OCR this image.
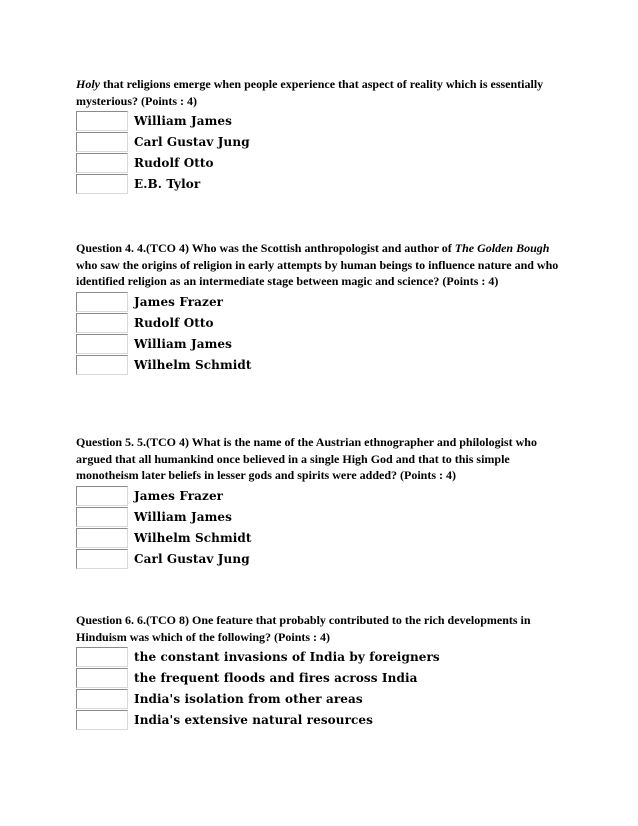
Holy that religions emerge when people experience that aspect of reality which is essentially mysterious? (Points : 4)

William James
Carl Gustav Jung
Rudolf Otto
E.B. Tylor

Question 4. 4.(TCO 4) Who was the Scottish anthropologist and author of The Golden Bough who saw the origins of religion in early attempts by human beings to influence nature and who identified religion as an intermediate stage between magic and science? (Points : 4)

James Frazer
Rudolf Otto
William James
Wilhelm Schmidt

Question 5. 5.(TCO 4) What is the name of the Austrian ethnographer and philologist who argued that all humankind once believed in a single High God and that to this simple monotheism later beliefs in lesser gods and spirits were added? (Points : 4)

James Frazer
William James
Wilhelm Schmidt
Carl Gustav Jung

Question 6. 6.(TCO 8) One feature that probably contributed to the rich developments in Hinduism was which of the following? (Points : 4)

the constant invasions of India by foreigners
the frequent floods and fires across India
India's isolation from other areas
India's extensive natural resources
